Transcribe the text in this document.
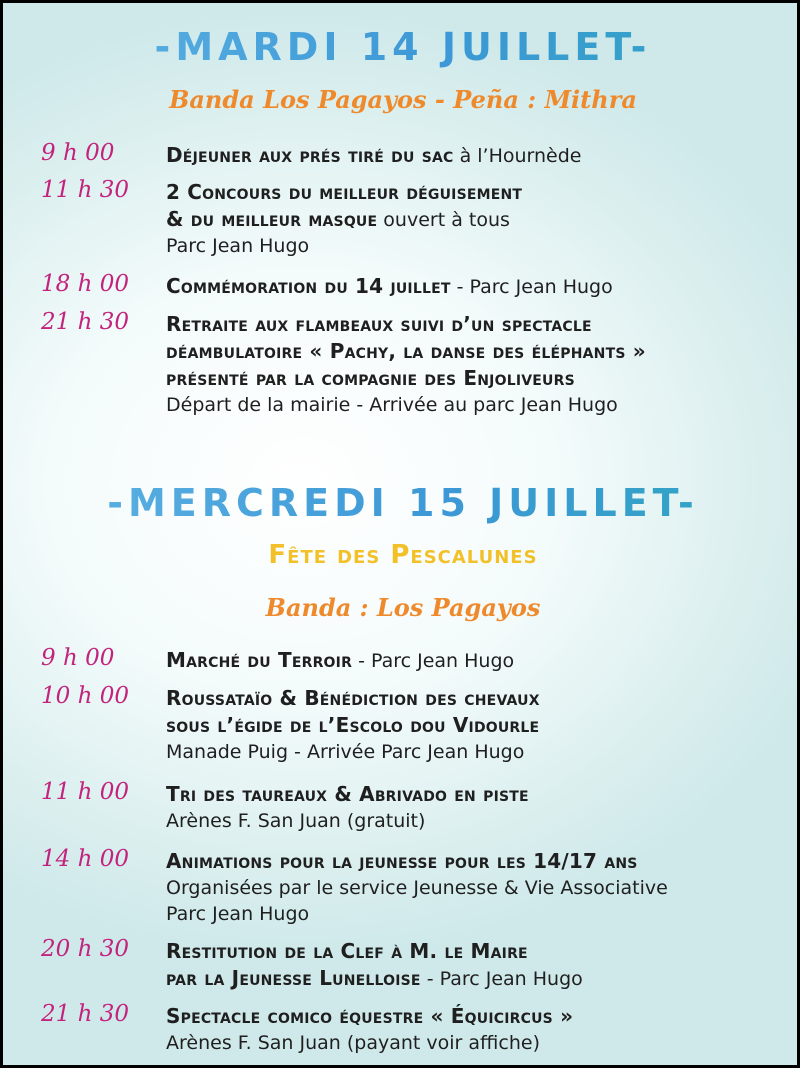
-MARDI 14 JUILLET-

Banda Los Pagayos - Peña : Mithra

9 h 00	Déjeuner aux prés tiré du sac à l’Hournède
11 h 30 2 Concours du meilleur déguisement
& du meilleur masque ouvert à tous
Parc Jean Hugo
18 h 00 Commémoration du 14 juillet - Parc Jean Hugo
21 h 30 Retraite aux flambeaux suivi d’un spectacle
déambulatoire « Pachy, la danse des éléphants »
présenté par la compagnie des Enjoliveurs
Départ de la mairie - Arrivée au parc Jean Hugo
-MERCREDI 15 JUILLET-

Fête des Pescalunes

Banda : Los Pagayos

9 h 00	Marché du Terroir - Parc Jean Hugo
10 h 00 Roussataïo & Bénédiction des chevaux
sous l’égide de l’Escolo dou Vidourle
Manade Puig - Arrivée Parc Jean Hugo
11 h 00 Tri des taureaux & Abrivado en piste
Arènes F. San Juan (gratuit)
14 h 00 Animations pour la jeunesse pour les 14/17 ans
Organisées par le service Jeunesse & Vie Associative
Parc Jean Hugo
20 h 30 Restitution de la Clef à M. le Maire
par la Jeunesse Lunelloise - Parc Jean Hugo
21 h 30 Spectacle comico équestre « Équicircus »
Arènes F. San Juan (payant voir affiche)
